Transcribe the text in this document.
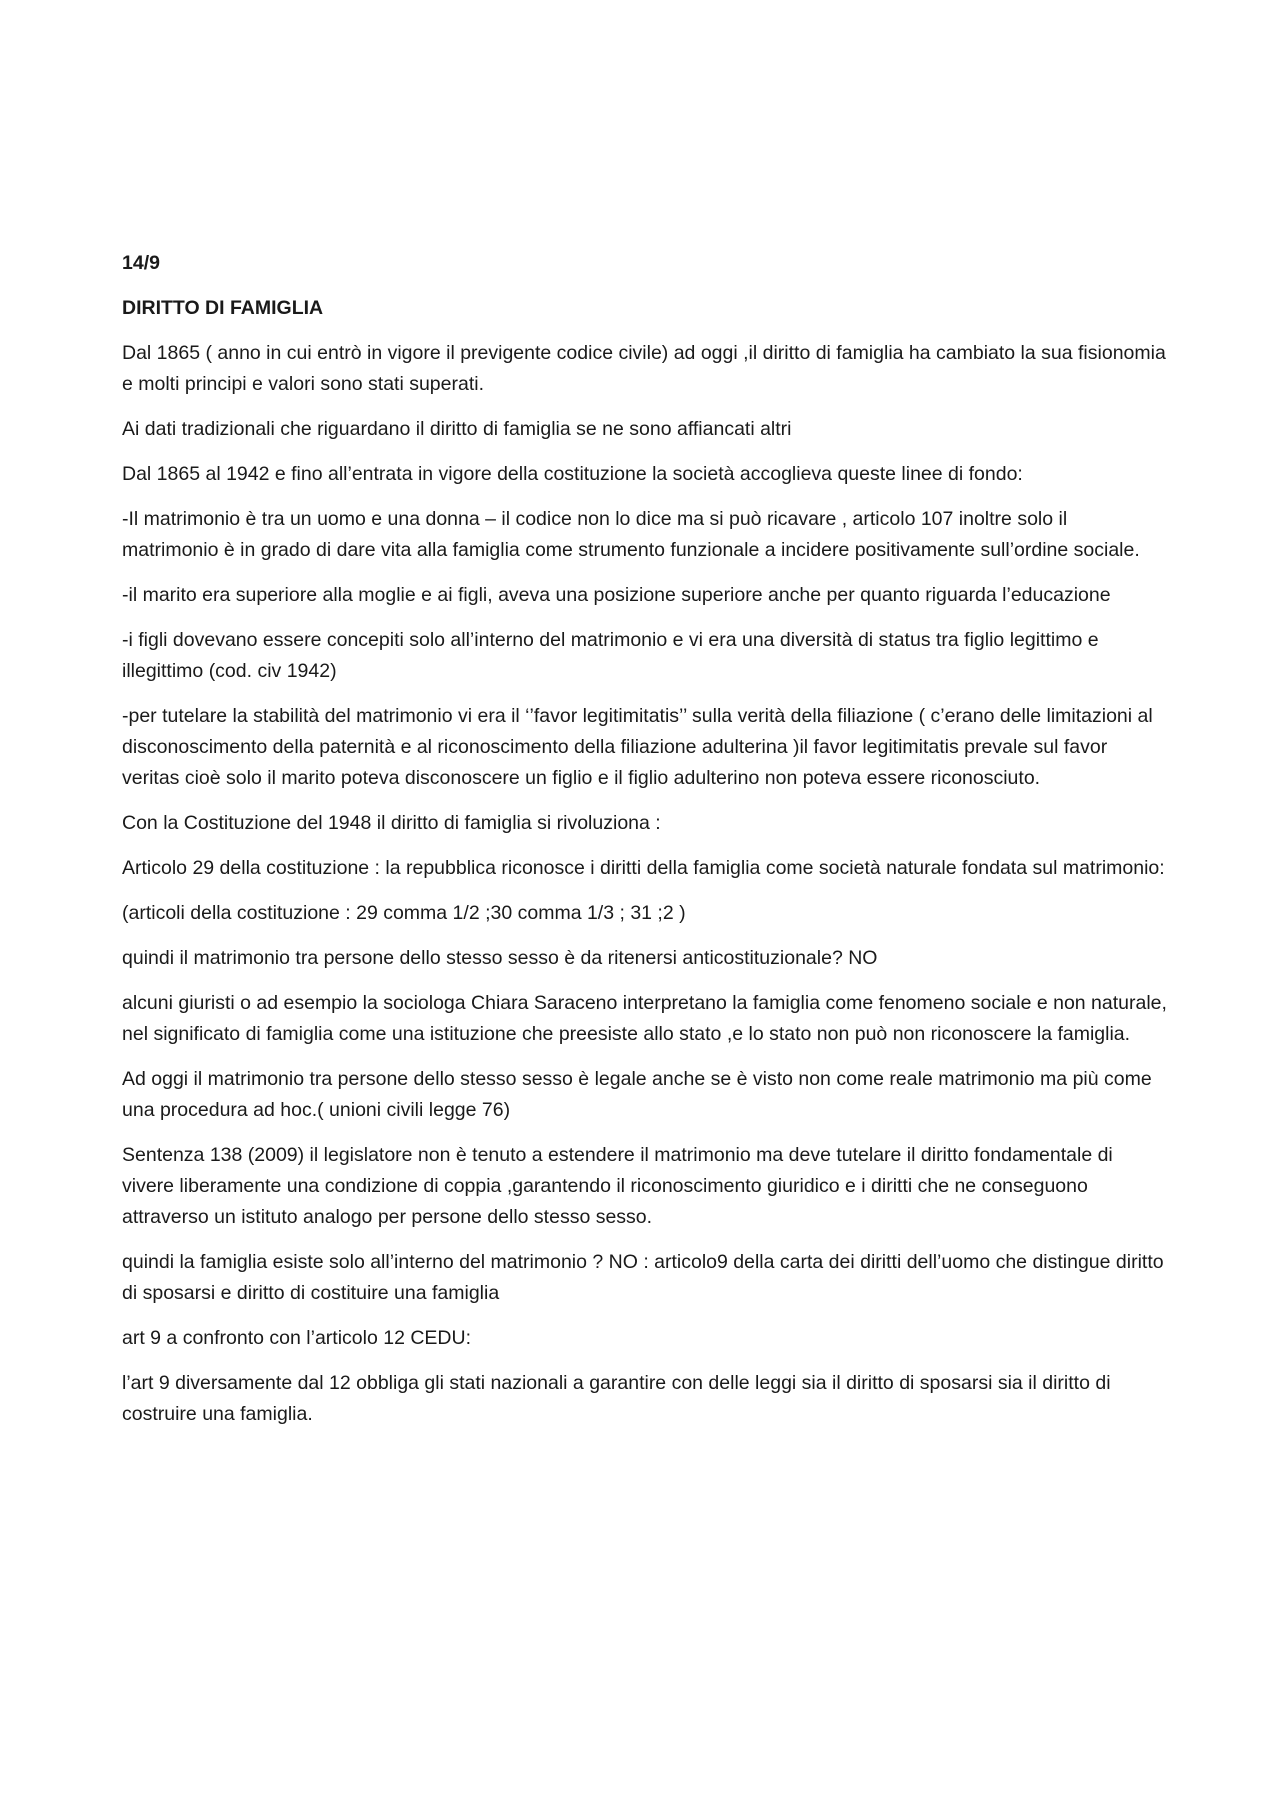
14/9

DIRITTO DI FAMIGLIA

Dal 1865 ( anno in cui entrò in vigore il previgente codice civile) ad oggi ,il diritto di famiglia ha cambiato la sua fisionomia e molti principi e valori sono stati superati.

Ai dati tradizionali che riguardano il diritto di famiglia se ne sono affiancati altri

Dal 1865 al 1942 e fino all’entrata in vigore della costituzione la società accoglieva queste linee di fondo:

-Il matrimonio è tra un uomo e una donna – il codice non lo dice ma si può ricavare , articolo 107 inoltre solo il matrimonio è in grado di dare vita alla famiglia come strumento funzionale a incidere positivamente sull’ordine sociale.

-il marito era superiore alla moglie e ai figli, aveva una posizione superiore anche per quanto riguarda l’educazione

-i figli dovevano essere concepiti solo all’interno del matrimonio e vi era una diversità di status tra figlio legittimo e illegittimo (cod. civ 1942)

-per tutelare la stabilità del matrimonio vi era il ‘’favor legitimitatis’’ sulla verità della filiazione ( c’erano delle limitazioni al disconoscimento della paternità e al riconoscimento della filiazione adulterina )il favor legitimitatis prevale sul favor veritas cioè solo il marito poteva disconoscere un figlio e il figlio adulterino non poteva essere riconosciuto.

Con la Costituzione del 1948 il diritto di famiglia si rivoluziona :

Articolo 29 della costituzione : la repubblica riconosce i diritti della famiglia come società naturale fondata sul matrimonio:

(articoli della costituzione : 29 comma 1/2 ;30 comma 1/3 ; 31 ;2 )

quindi il matrimonio tra persone dello stesso sesso è da ritenersi anticostituzionale? NO

alcuni giuristi o ad esempio la sociologa Chiara Saraceno interpretano la famiglia come fenomeno sociale e non naturale, nel significato di famiglia come una istituzione che preesiste allo stato ,e lo stato non può non riconoscere la famiglia.

Ad oggi il matrimonio tra persone dello stesso sesso è legale anche se è visto non come reale matrimonio ma più come una procedura ad hoc.( unioni civili legge 76)

Sentenza 138 (2009) il legislatore non è tenuto a estendere il matrimonio ma deve tutelare il diritto fondamentale di vivere liberamente una condizione di coppia ,garantendo il riconoscimento giuridico e i diritti che ne conseguono attraverso un istituto analogo per persone dello stesso sesso.

quindi la famiglia esiste solo all’interno del matrimonio ? NO : articolo9 della carta dei diritti dell’uomo che distingue diritto di sposarsi e diritto di costituire una famiglia

art 9 a confronto con l’articolo 12 CEDU:

l’art 9 diversamente dal 12 obbliga gli stati nazionali a garantire con delle leggi sia il diritto di sposarsi sia il diritto di costruire una famiglia.
